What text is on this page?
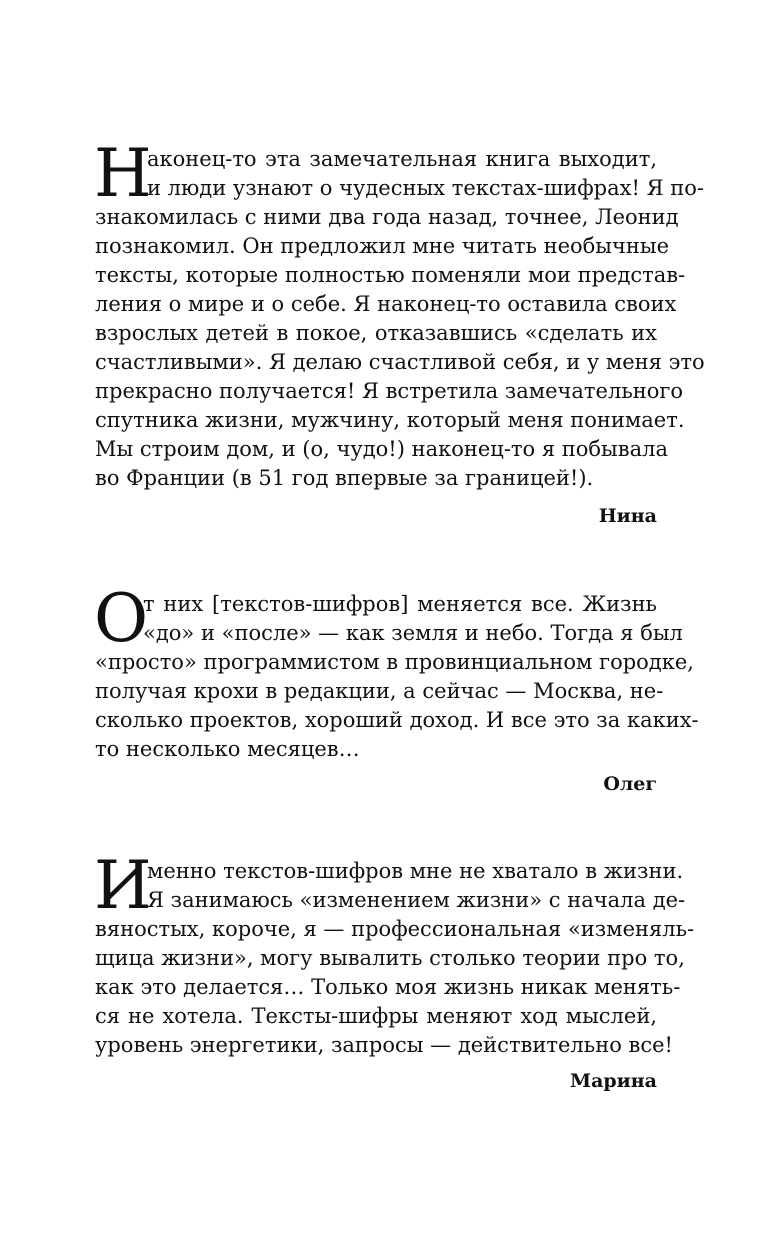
Н
аконец-то эта замечательная книга выходит,
и люди узнают о чудесных текстах-шифрах! Я по-
знакомилась с ними два года назад, точнее, Леонид
познакомил. Он предложил мне читать необычные
тексты, которые полностью поменяли мои представ-
ления о мире и о себе. Я наконец-то оставила своих
взрослых детей в покое, отказавшись «сделать их
счастливыми». Я делаю счастливой себя, и у меня это
прекрасно получается! Я встретила замечательного
спутника жизни, мужчину, который меня понимает.
Мы строим дом, и (о, чудо!) наконец-то я побывала
во Франции (в 51 год впервые за границей!).
Нина
О
т них [текстов-шифров] меняется все. Жизнь
«до» и «после» — как земля и небо. Тогда я был
«просто» программистом в провинциальном городке,
получая крохи в редакции, а сейчас — Москва, не-
сколько проектов, хороший доход. И все это за каких-
то несколько месяцев…
Олег
И
менно текстов-шифров мне не хватало в жизни.
Я занимаюсь «изменением жизни» с начала де-
вяностых, короче, я — профессиональная «изменяль-
щица жизни», могу вывалить столько теории про то,
как это делается… Только моя жизнь никак менять-
ся не хотела. Тексты-шифры меняют ход мыслей,
уровень энергетики, запросы — действительно все!
Марина
